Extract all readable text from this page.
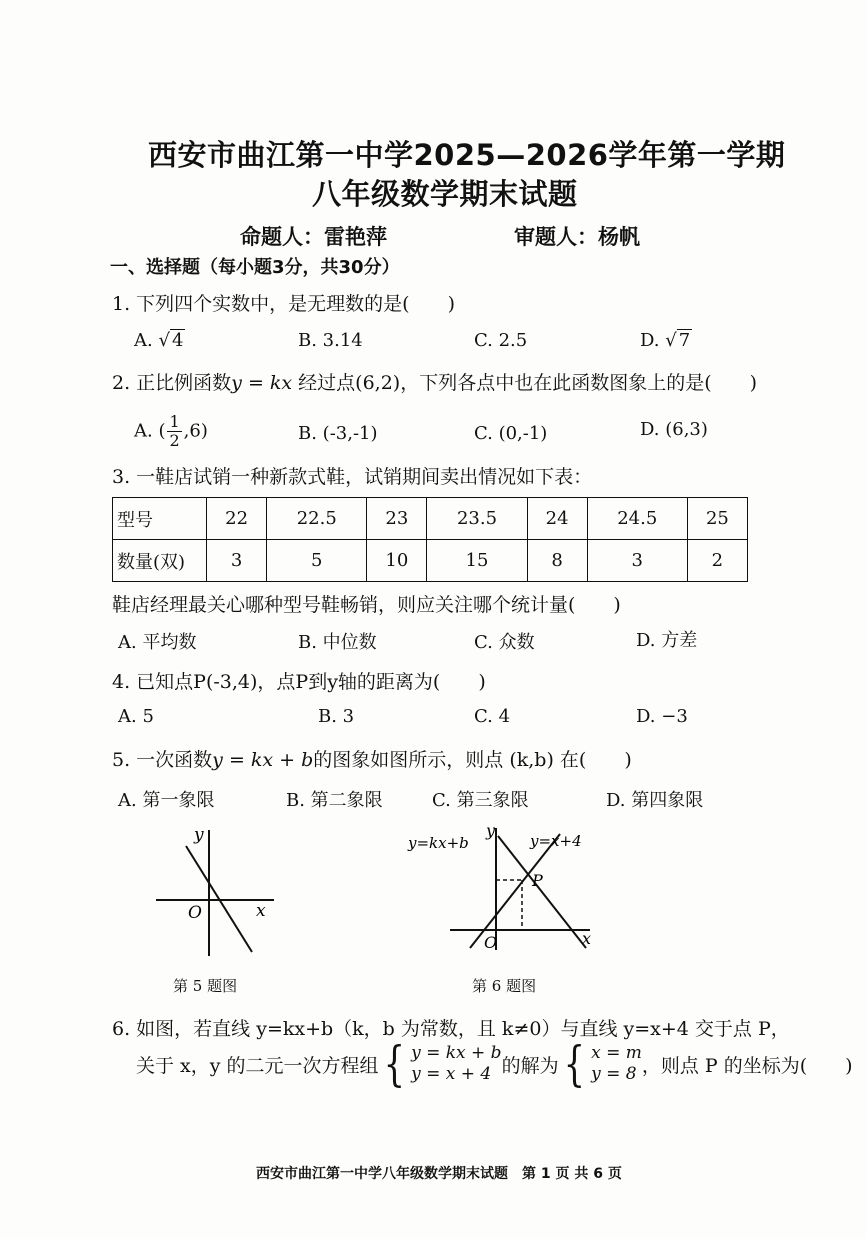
西安市曲江第一中学2025—2026学年第一学期
八年级数学期末试题
命题人：雷艳萍	审题人：杨帆
一、选择题（每小题3分，共30分）
1. 下列四个实数中，是无理数的是(　　)
A. √ 4	B. 3.14	C. 2.5	D. √ 7
2. 正比例函数y = kx 经过点(6,2)，下列各点中也在此函数图象上的是(　　)
A. ( $\frac{1}{2} ,6$)	B. (-3,-1)	C. (0,-1)	D. (6,3)
3. 一鞋店试销一种新款式鞋，试销期间卖出情况如下表：
型号	22	22.5	23	23.5	24	24.5	25
数量(双)	3	5	10	15	8	3	2
鞋店经理最关心哪种型号鞋畅销，则应关注哪个统计量(　　)
A. 平均数	B. 中位数	C. 众数	D. 方差
4. 已知点P(-3,4)，点P到y轴的距离为(　　)
A. 5	B. 3	C. 4	D. −3
5. 一次函数y = kx + b的图象如图所示，则点 (k,b) 在(　　)
A. 第一象限	B. 第二象限	C. 第三象限	D. 第四象限
y
x
O
第 5 题图
y=kx+b	y=x+4
y
x
O
P
第 6 题图
6. 如图，若直线 y=kx+b（k，b 为常数，且 k≠0）与直线 y=x+4 交于点 P，
关于 x，y 的二元一次方程组 { y = kx + b
y = x + 4 的解为 { x = m
y = 8 ，则点 P 的坐标为(　　)
西安市曲江第一中学八年级数学期末试题　第 1 页 共 6 页
